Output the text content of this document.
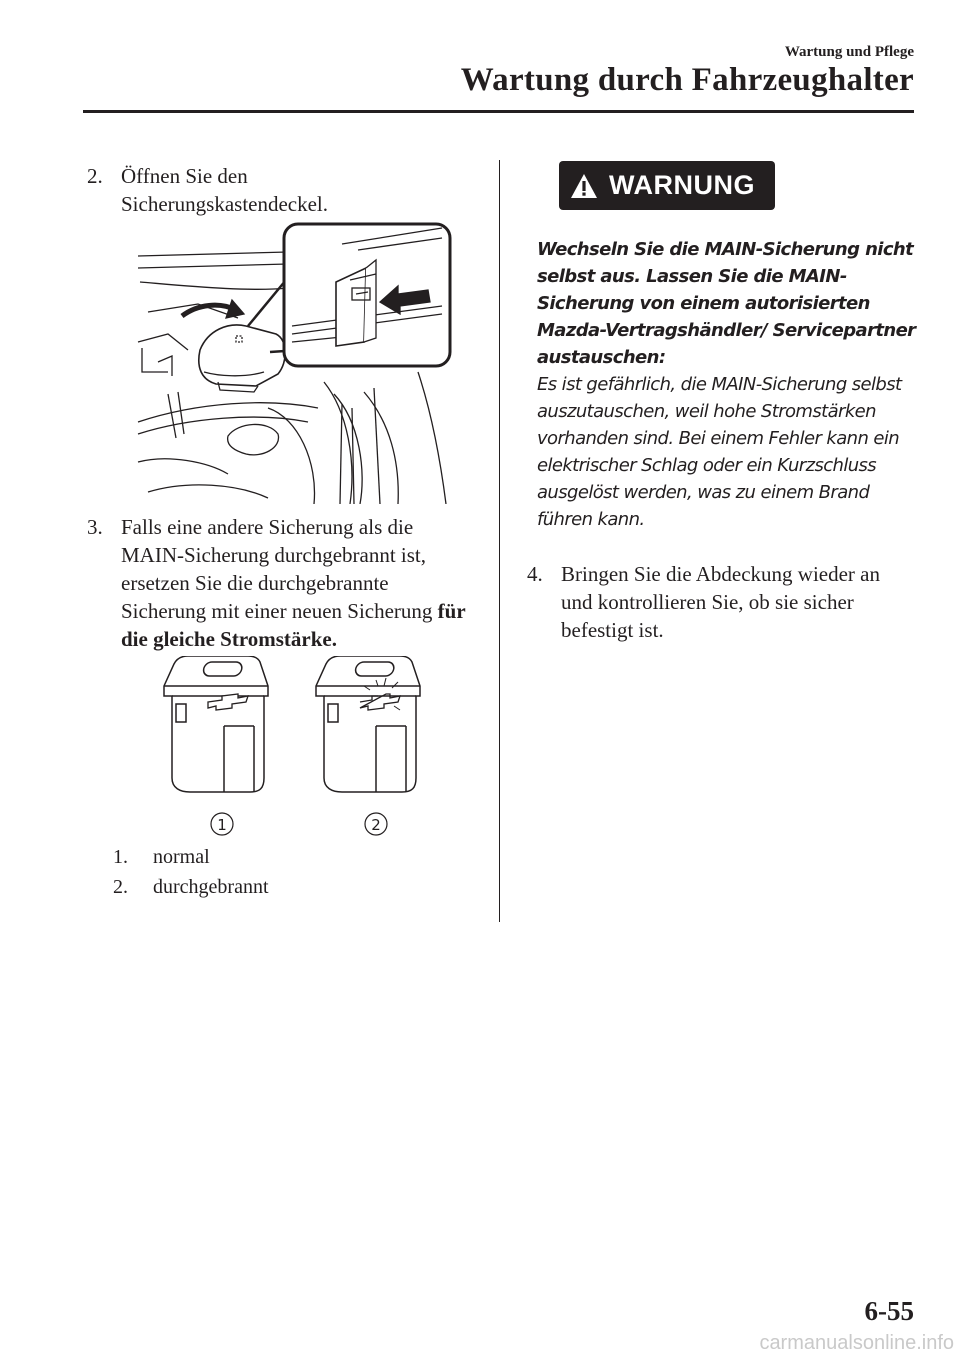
Wartung und Pflege
Wartung durch Fahrzeughalter
2. Öffnen Sie den Sicherungskastendeckel.
3. Falls eine andere Sicherung als die MAIN-Sicherung durchgebrannt ist, ersetzen Sie die durchgebrannte Sicherung mit einer neuen Sicherung für die gleiche Stromstärke.
1	2
1. normal
2. durchgebrannt
WARNUNG
Wechseln Sie die MAIN-Sicherung nicht selbst aus. Lassen Sie die MAIN-Sicherung von einem autorisierten Mazda-Vertragshändler/ Servicepartner austauschen:
Es ist gefährlich, die MAIN-Sicherung selbst auszutauschen, weil hohe Stromstärken vorhanden sind. Bei einem Fehler kann ein elektrischer Schlag oder ein Kurzschluss ausgelöst werden, was zu einem Brand führen kann.
4. Bringen Sie die Abdeckung wieder an und kontrollieren Sie, ob sie sicher befestigt ist.
6-55
carmanualsonline.info
